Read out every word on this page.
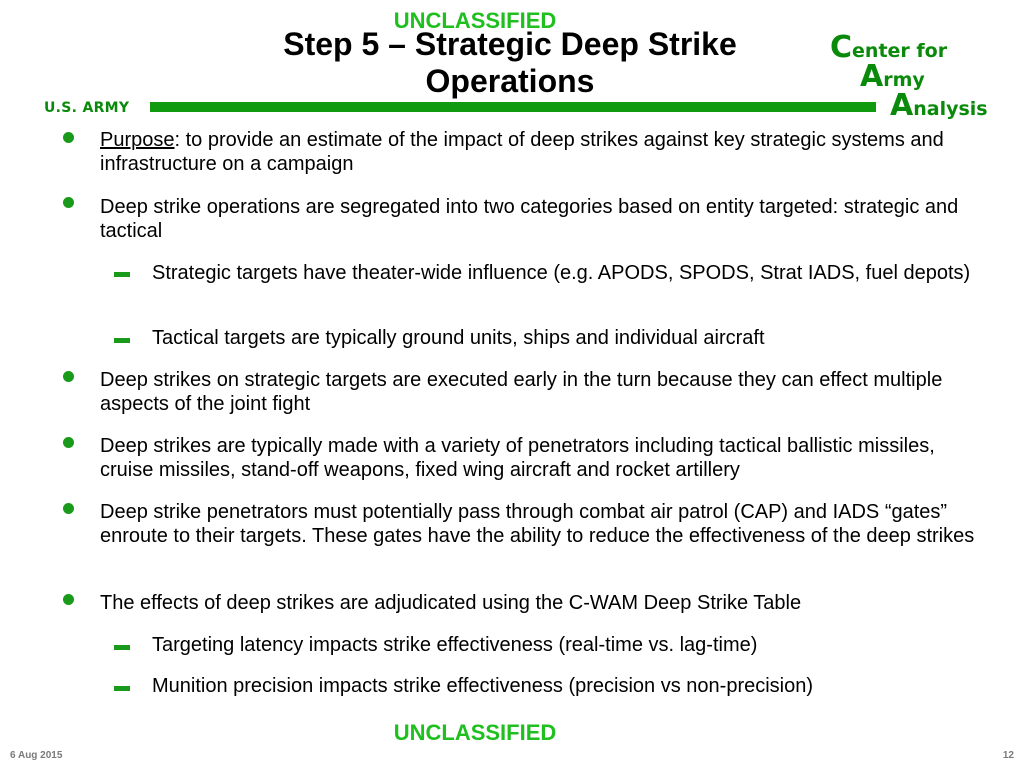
UNCLASSIFIED
Step 5 – Strategic Deep Strike
Operations
U.S. ARMY
Center for
Army
Analysis
Purpose: to provide an estimate of the impact of deep strikes against key strategic systems and infrastructure on a campaign
Deep strike operations are segregated into two categories based on entity targeted: strategic and tactical
Strategic targets have theater-wide influence (e.g. APODS, SPODS, Strat IADS, fuel depots)
Tactical targets are typically ground units, ships and individual aircraft
Deep strikes on strategic targets are executed early in the turn because they can effect multiple aspects of the joint fight
Deep strikes are typically made with a variety of penetrators including tactical ballistic missiles, cruise missiles, stand-off weapons, fixed wing aircraft and rocket artillery
Deep strike penetrators must potentially pass through combat air patrol (CAP) and IADS “gates” enroute to their targets. These gates have the ability to reduce the effectiveness of the deep strikes
The effects of deep strikes are adjudicated using the C-WAM Deep Strike Table
Targeting latency impacts strike effectiveness (real-time vs. lag-time)
Munition precision impacts strike effectiveness (precision vs non-precision)
UNCLASSIFIED
6 Aug 2015	12
